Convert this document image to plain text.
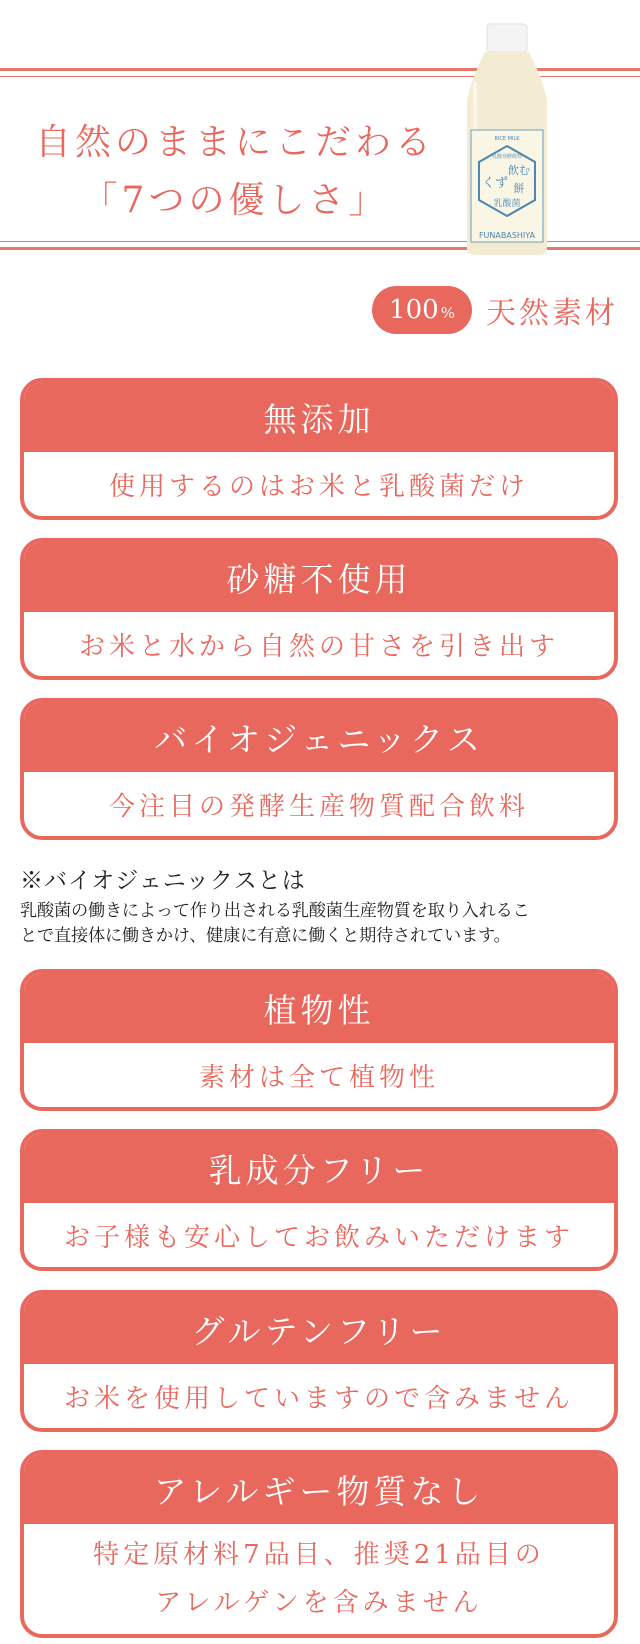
自然のままにこだわる
「7つの優しさ」
RICE MILK
乳酸発酵飲料
くず
飲む
餅
乳酸菌
FUNABASHIYA
100 % 天然素材
無添加
使用するのはお米と乳酸菌だけ
砂糖不使用
お米と水から自然の甘さを引き出す
バイオジェニックス
今注目の発酵生産物質配合飲料
※バイオジェニックスとは
乳酸菌の働きによって作り出される乳酸菌生産物質を取り入れるこ
とで直接体に働きかけ、健康に有意に働くと期待されています。
植物性
素材は全て植物性
乳成分フリー
お子様も安心してお飲みいただけます
グルテンフリー
お米を使用していますので含みません
アレルギー物質なし
特定原材料7品目、推奨21品目の
アレルゲンを含みません
